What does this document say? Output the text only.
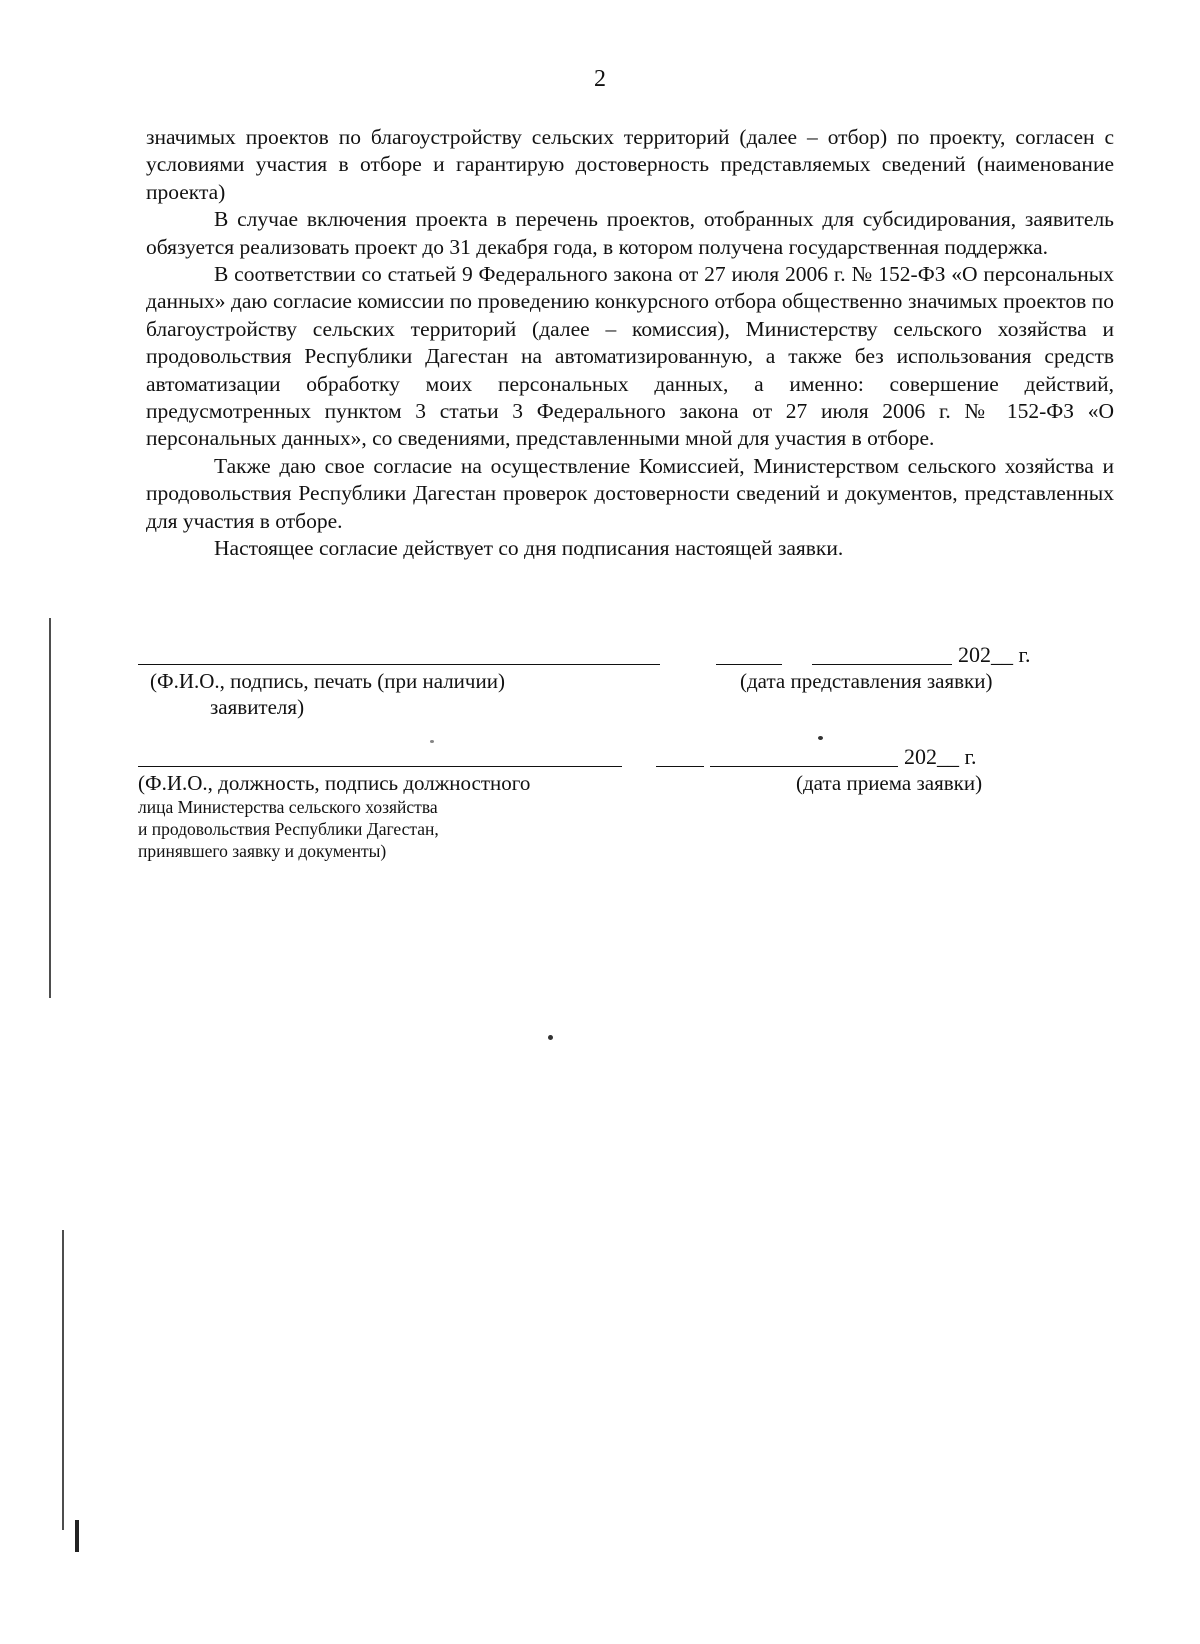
2

значимых проектов по благоустройству сельских территорий (далее – отбор) по проекту, согласен с условиями участия в отборе и гарантирую достоверность представляемых сведений (наименование проекта)

В случае включения проекта в перечень проектов, отобранных для субсидирования, заявитель обязуется реализовать проект до 31 декабря года, в котором получена государственная поддержка.

В соответствии со статьей 9 Федерального закона от 27 июля 2006 г. № 152-ФЗ «О персональных данных» даю согласие комиссии по проведению конкурсного отбора общественно значимых проектов по благоустройству сельских территорий (далее – комиссия), Министерству сельского хозяйства и продовольствия Республики Дагестан на автоматизированную, а также без использования средств автоматизации обработку моих персональных данных, а именно: совершение действий, предусмотренных пунктом 3 статьи 3 Федерального закона от 27 июля 2006 г. № 152-ФЗ «О персональных данных», со сведениями, представленными мной для участия в отборе.

Также даю свое согласие на осуществление Комиссией, Министерством сельского хозяйства и продовольствия Республики Дагестан проверок достоверности сведений и документов, представленных для участия в отборе.

Настоящее согласие действует со дня подписания настоящей заявки.

202__ г.
(Ф.И.О., подпись, печать (при наличии)
заявителя)
(дата представления заявки)
202__ г.
(Ф.И.О., должность, подпись должностного	(дата приема заявки)
лица Министерства сельского хозяйства
и продовольствия Республики Дагестан,
принявшего заявку и документы)
